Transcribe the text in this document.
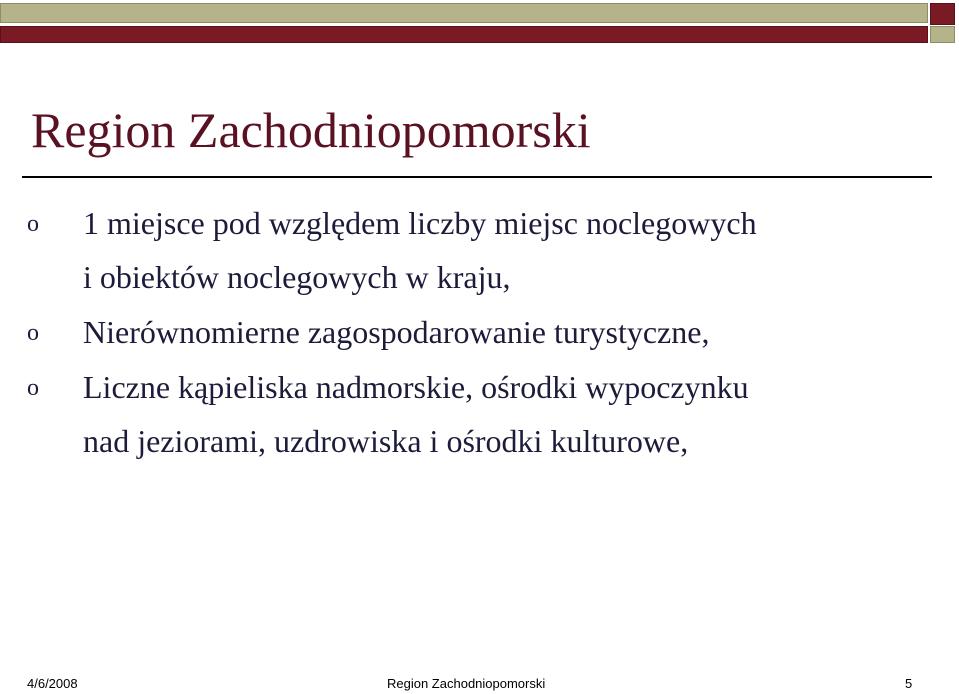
Region Zachodniopomorski
o 1 miejsce pod względem liczby miejsc noclegowych
i obiektów noclegowych w kraju,
o Nierównomierne zagospodarowanie turystyczne,
o Liczne kąpieliska nadmorskie, ośrodki wypoczynku
nad jeziorami, uzdrowiska i ośrodki kulturowe,
4/6/2008	Region Zachodniopomorski	5
